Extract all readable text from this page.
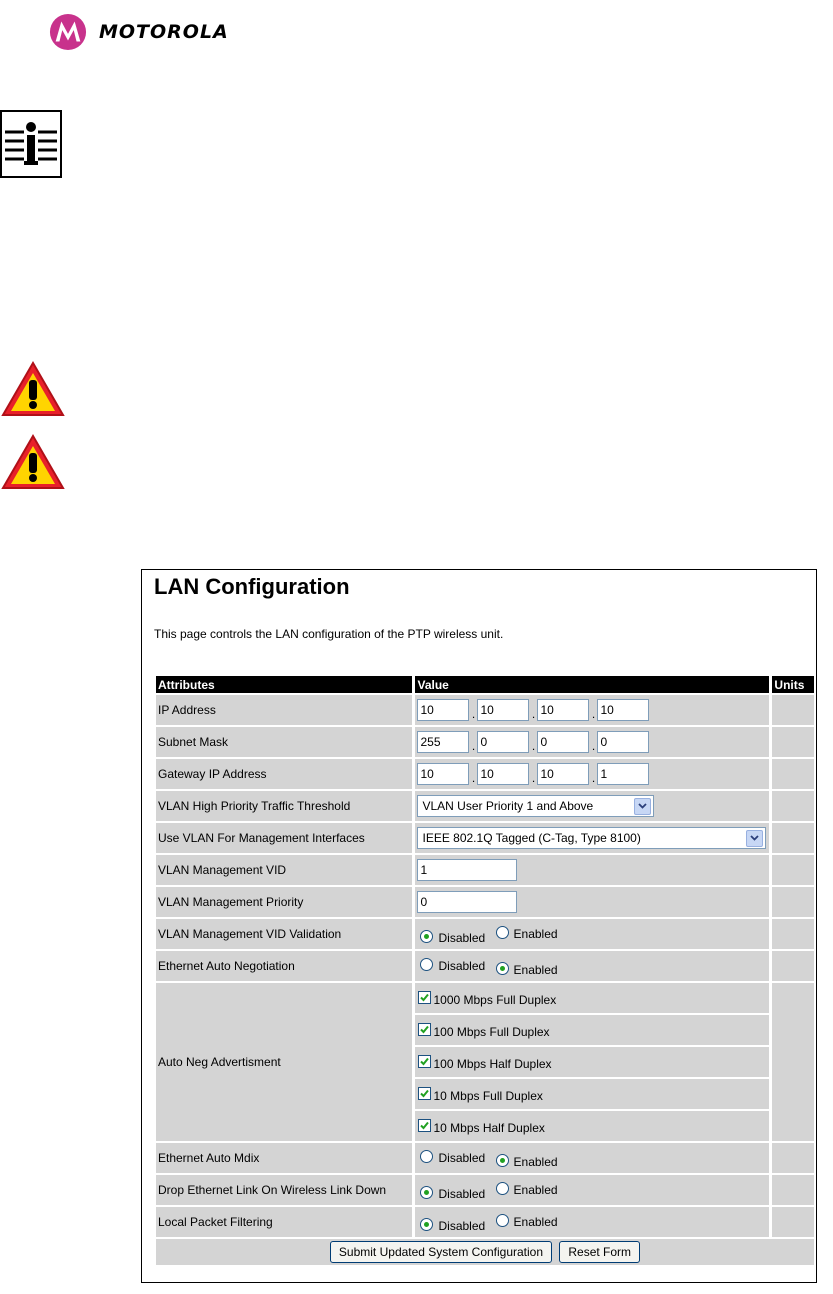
MOTOROLA
LAN Configuration
This page controls the LAN configuration of the PTP wireless unit.
Attributes	Value	Units
IP Address	10 . 10 . 10 . 10	
Subnet Mask	255 . 0 . 0 . 0	
Gateway IP Address	10 . 10 . 10 . 1	
VLAN High Priority Traffic Threshold	VLAN User Priority 1 and Above	

Use VLAN For Management Interfaces	IEEE 802.1Q Tagged (C-Tag, Type 8100)	

VLAN Management VID	1	
VLAN Management Priority	0	
VLAN Management VID Validation	Disabled
Enabled	

Ethernet Auto Negotiation	Disabled
Enabled	

Auto Neg Advertisment	1000 Mbps Full Duplex	

	100 Mbps Full Duplex	

	100 Mbps Half Duplex	

	10 Mbps Full Duplex	

	10 Mbps Half Duplex	

Ethernet Auto Mdix	Disabled
Enabled	

Drop Ethernet Link On Wireless Link Down	Disabled
Enabled	

Local Packet Filtering	Disabled
Enabled	

Submit Updated System Configuration Reset Form		
